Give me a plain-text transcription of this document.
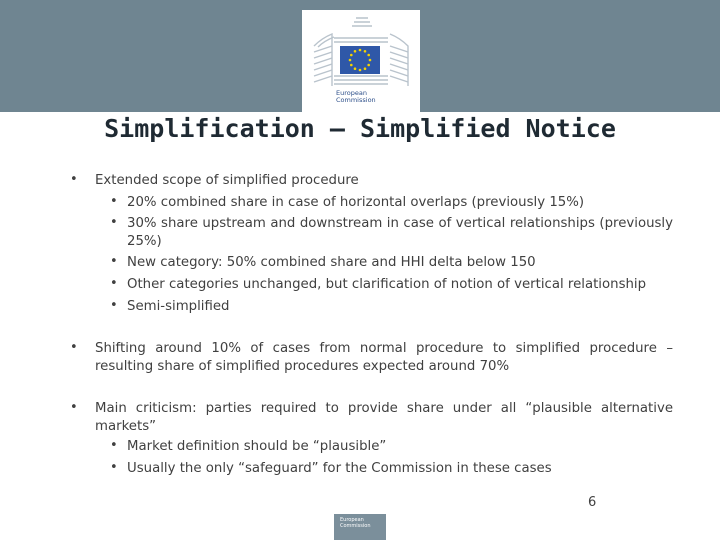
European
Commission
Simplification – Simplified Notice
• Extended scope of simplified procedure
• 20% combined share in case of horizontal overlaps (previously 15%)
• 30% share upstream and downstream in case of vertical relationships (previously 25%)
• New category: 50% combined share and HHI delta below 150
• Other categories unchanged, but clarification of notion of vertical relationship
• Semi-simplified
• Shifting around 10% of cases from normal procedure to simplified procedure – resulting share of simplified procedures expected around 70%
• Main criticism: parties required to provide share under all “plausible alternative markets”
• Market definition should be “plausible”
• Usually the only “safeguard” for the Commission in these cases
6
European Commission
